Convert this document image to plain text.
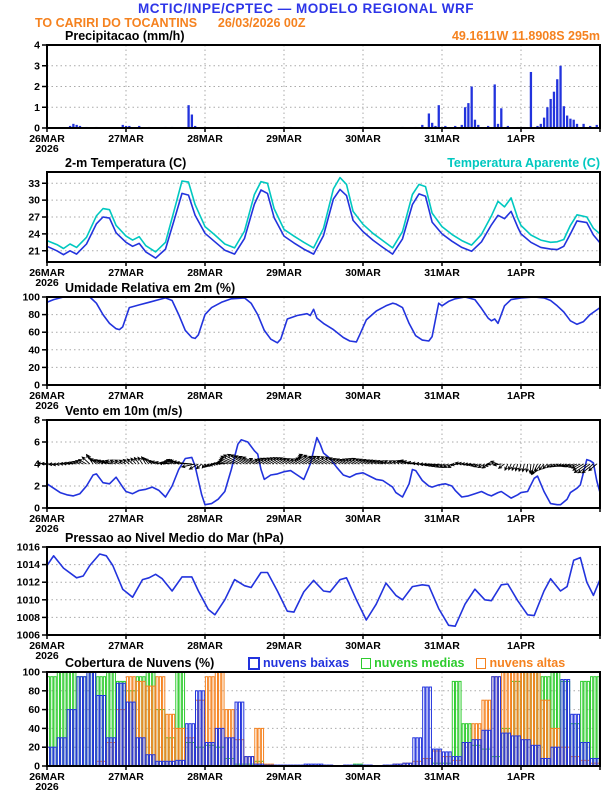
0
1
2
3
4
26MAR	27MAR	28MAR	29MAR	30MAR	31MAR	1APR
2026
21
24
27
30
33
26MAR	27MAR	28MAR	29MAR	30MAR	31MAR	1APR
2026
0
20
40
60
80
100
26MAR	27MAR	28MAR	29MAR	30MAR	31MAR	1APR
2026
0
2
4
6
8
26MAR	27MAR	28MAR	29MAR	30MAR	31MAR	1APR
2026
1006
1008
1010
1012
1014
1016
26MAR	27MAR	28MAR	29MAR	30MAR	31MAR	1APR
2026
0
20
40
60
80
100
26MAR	27MAR	28MAR	29MAR	30MAR	31MAR	1APR
2026
MCTIC/INPE/CPTEC — MODELO REGIONAL WRF
TO CARIRI DO TOCANTINS      26/03/2026 00Z
49.1611W 11.8908S 295m
Precipitacao (mm/h)
2-m Temperatura (C)	Temperatura Aparente (C)
Umidade Relativa em 2m (%)
Vento em 10m (m/s)
Pressao ao Nivel Medio do Mar (hPa)
Cobertura de Nuvens (%)	nuvens baixas nuvens medias nuvens altas
